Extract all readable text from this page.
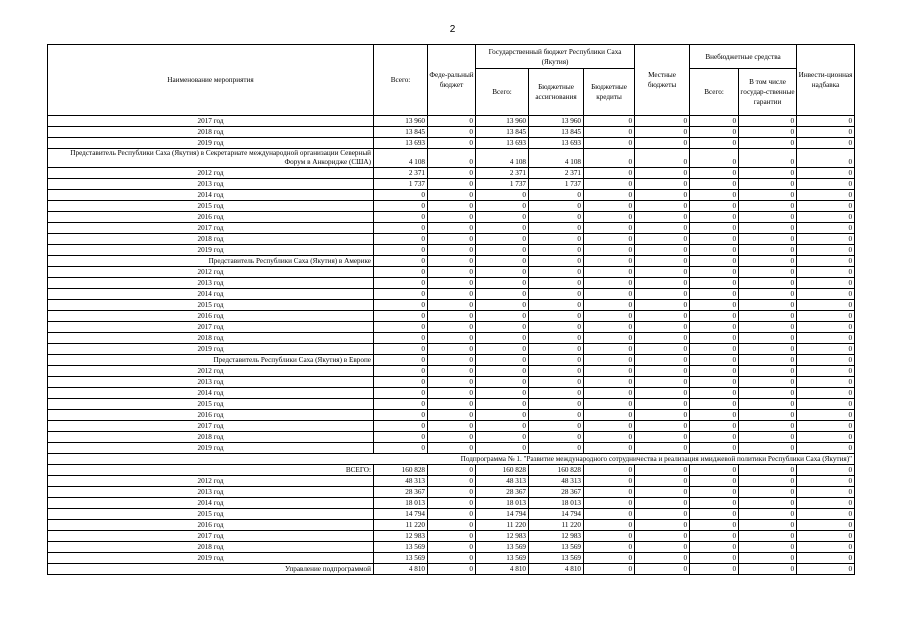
2
Наименование мероприятия	Всего:	Феде-ральный бюджет	Государственный бюджет Республики Саха (Якутия)			Местные бюджеты	Внебюджетные средства		Инвести-ционная надбавка
			Всего:	Бюджетные ассигнования	Бюджетные кредиты		Всего:	В том числе государ-ственные гарантии	
2017 год	13 960	0	13 960	13 960	0	0	0	0	0
2018 год	13 845	0	13 845	13 845	0	0	0	0	0
2019 год	13 693	0	13 693	13 693	0	0	0	0	0
Представитель Республики Саха (Якутия) в Секретариате международной организации Северный Форум в Анкоридже (США)	4 108	0	4 108	4 108	0	0	0	0	0
2012 год	2 371	0	2 371	2 371	0	0	0	0	0
2013 год	1 737	0	1 737	1 737	0	0	0	0	0
2014 год	0	0	0	0	0	0	0	0	0
2015 год	0	0	0	0	0	0	0	0	0
2016 год	0	0	0	0	0	0	0	0	0
2017 год	0	0	0	0	0	0	0	0	0
2018 год	0	0	0	0	0	0	0	0	0
2019 год	0	0	0	0	0	0	0	0	0
Представитель Республики Саха (Якутия) в Америке	0	0	0	0	0	0	0	0	0
2012 год	0	0	0	0	0	0	0	0	0
2013 год	0	0	0	0	0	0	0	0	0
2014 год	0	0	0	0	0	0	0	0	0
2015 год	0	0	0	0	0	0	0	0	0
2016 год	0	0	0	0	0	0	0	0	0
2017 год	0	0	0	0	0	0	0	0	0
2018 год	0	0	0	0	0	0	0	0	0
2019 год	0	0	0	0	0	0	0	0	0
Представитель Республики Саха (Якутия) в Европе	0	0	0	0	0	0	0	0	0
2012 год	0	0	0	0	0	0	0	0	0
2013 год	0	0	0	0	0	0	0	0	0
2014 год	0	0	0	0	0	0	0	0	0
2015 год	0	0	0	0	0	0	0	0	0
2016 год	0	0	0	0	0	0	0	0	0
2017 год	0	0	0	0	0	0	0	0	0
2018 год	0	0	0	0	0	0	0	0	0
2019 год	0	0	0	0	0	0	0	0	0
Подпрограмма № 1. "Развитие международного сотрудничества и реализация имиджевой политики Республики Саха (Якутия)"									
ВСЕГО:	160 828	0	160 828	160 828	0	0	0	0	0
2012 год	48 313	0	48 313	48 313	0	0	0	0	0
2013 год	28 367	0	28 367	28 367	0	0	0	0	0
2014 год	18 013	0	18 013	18 013	0	0	0	0	0
2015 год	14 794	0	14 794	14 794	0	0	0	0	0
2016 год	11 220	0	11 220	11 220	0	0	0	0	0
2017 год	12 983	0	12 983	12 983	0	0	0	0	0
2018 год	13 569	0	13 569	13 569	0	0	0	0	0
2019 год	13 569	0	13 569	13 569	0	0	0	0	0
Управление подпрограммой	4 810	0	4 810	4 810	0	0	0	0	0
